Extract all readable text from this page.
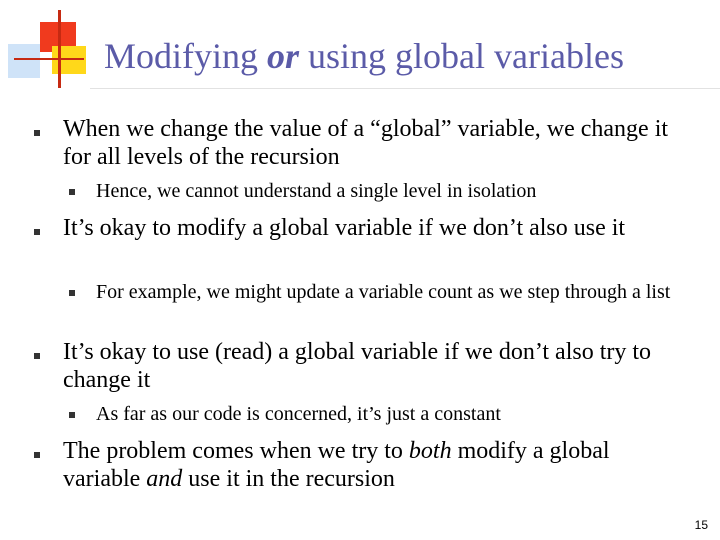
Modifying or using global variables
When we change the value of a “global” variable, we change it for all levels of the recursion
Hence, we cannot understand a single level in isolation
It’s okay to modify a global variable if we don’t also use it
For example, we might update a variable count as we step through a list
It’s okay to use (read) a global variable if we don’t also try to change it
As far as our code is concerned, it’s just a constant
The problem comes when we try to both modify a global variable and use it in the recursion
15
